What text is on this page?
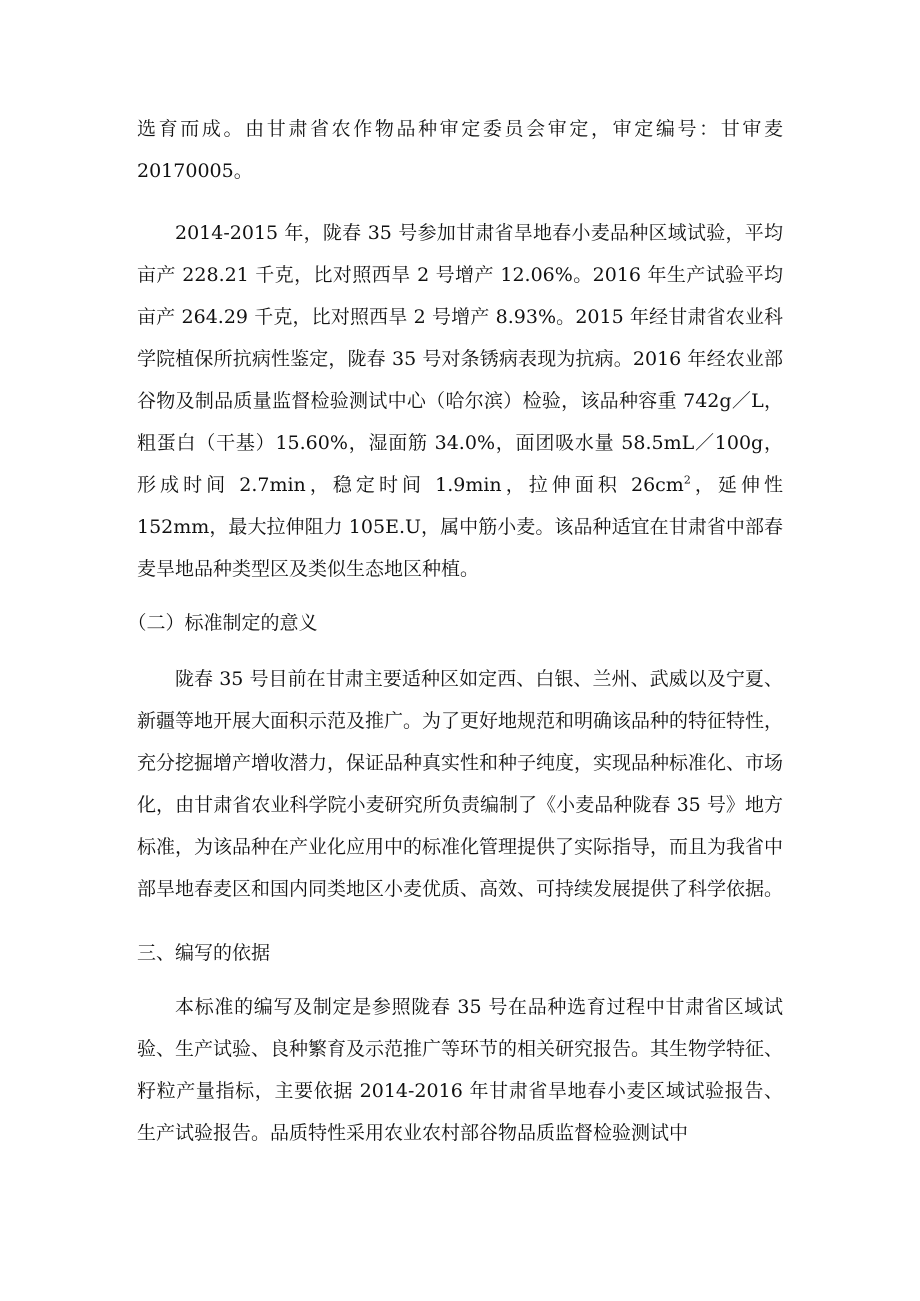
选育而成。由甘肃省农作物品种审定委员会审定，审定编号：甘审麦20170005。

2014-2015 年，陇春 35 号参加甘肃省旱地春小麦品种区域试验，平均亩产 228.21 千克，比对照西旱 2 号增产 12.06%。2016 年生产试验平均亩产 264.29 千克，比对照西旱 2 号增产 8.93%。2015 年经甘肃省农业科学院植保所抗病性鉴定，陇春 35 号对条锈病表现为抗病。2016 年经农业部谷物及制品质量监督检验测试中心（哈尔滨）检验，该品种容重 742g／L，粗蛋白（干基）15.60%，湿面筋 34.0%，面团吸水量 58.5mL／100g，形成时间 2.7min，稳定时间 1.9min，拉伸面积 $26cm^2$，延伸性 152mm，最大拉伸阻力 105E.U，属中筋小麦。该品种适宜在甘肃省中部春麦旱地品种类型区及类似生态地区种植。

（二）标准制定的意义

陇春 35 号目前在甘肃主要适种区如定西、白银、兰州、武威以及宁夏、新疆等地开展大面积示范及推广。为了更好地规范和明确该品种的特征特性，充分挖掘增产增收潜力，保证品种真实性和种子纯度，实现品种标准化、市场化，由甘肃省农业科学院小麦研究所负责编制了《小麦品种陇春 35 号》地方标准，为该品种在产业化应用中的标准化管理提供了实际指导，而且为我省中部旱地春麦区和国内同类地区小麦优质、高效、可持续发展提供了科学依据。

三、编写的依据

本标准的编写及制定是参照陇春 35 号在品种选育过程中甘肃省区域试验、生产试验、良种繁育及示范推广等环节的相关研究报告。其生物学特征、籽粒产量指标，主要依据 2014-2016 年甘肃省旱地春小麦区域试验报告、生产试验报告。品质特性采用农业农村部谷物品质监督检验测试中
